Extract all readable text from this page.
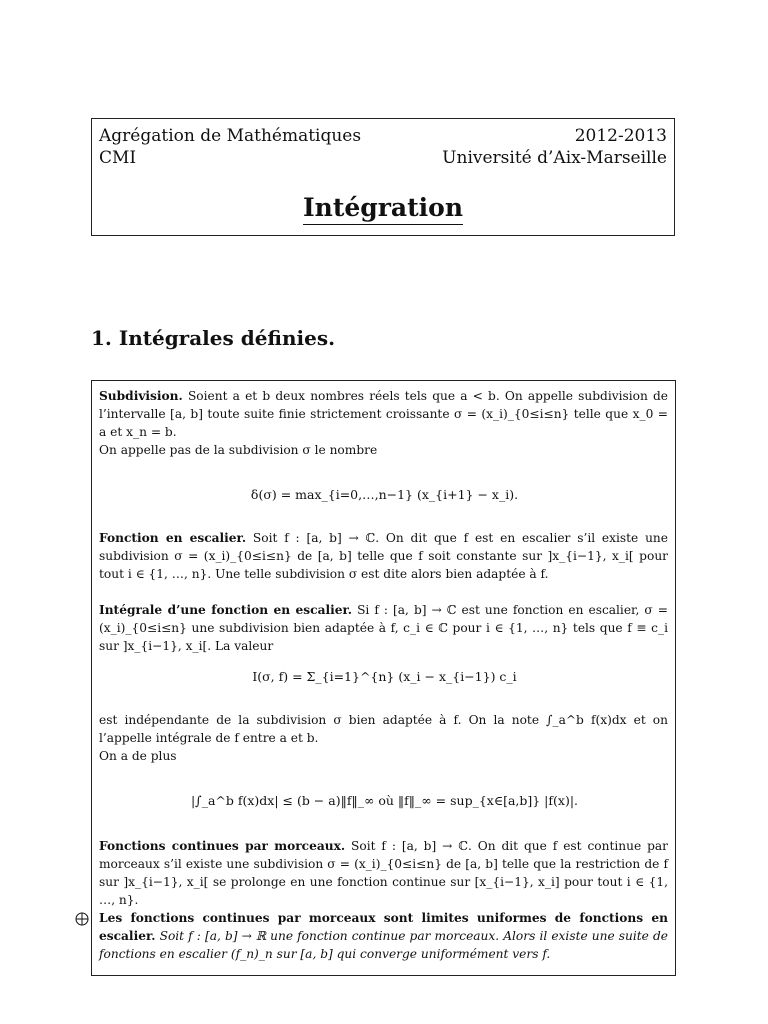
Agrégation de Mathématiques
CMI
2012-2013
Université d’Aix-Marseille
Intégration
1. Intégrales définies.
Subdivision. Soient a et b deux nombres réels tels que a < b. On appelle subdivision de l’intervalle [a, b] toute suite finie strictement croissante σ = (x_i)_{0≤i≤n} telle que x_0 = a et x_n = b.
On appelle pas de la subdivision σ le nombre
δ(σ) = max_{i=0,…,n−1} (x_{i+1} − x_i).
Fonction en escalier. Soit f : [a, b] → ℂ. On dit que f est en escalier s’il existe une subdivision σ = (x_i)_{0≤i≤n} de [a, b] telle que f soit constante sur ]x_{i−1}, x_i[ pour tout i ∈ {1, …, n}. Une telle subdivision σ est dite alors bien adaptée à f.
Intégrale d’une fonction en escalier. Si f : [a, b] → ℂ est une fonction en escalier, σ = (x_i)_{0≤i≤n} une subdivision bien adaptée à f, c_i ∈ ℂ pour i ∈ {1, …, n} tels que f ≡ c_i sur ]x_{i−1}, x_i[. La valeur
I(σ, f) = Σ_{i=1}^{n} (x_i − x_{i−1}) c_i
est indépendante de la subdivision σ bien adaptée à f. On la note ∫_a^b f(x)dx et on l’appelle intégrale de f entre a et b.
On a de plus
|∫_a^b f(x)dx| ≤ (b − a)‖f‖_∞ où ‖f‖_∞ = sup_{x∈[a,b]} |f(x)|.
Fonctions continues par morceaux. Soit f : [a, b] → ℂ. On dit que f est continue par morceaux s’il existe une subdivision σ = (x_i)_{0≤i≤n} de [a, b] telle que la restriction de f sur ]x_{i−1}, x_i[ se prolonge en une fonction continue sur [x_{i−1}, x_i] pour tout i ∈ {1, …, n}.
Les fonctions continues par morceaux sont limites uniformes de fonctions en escalier. Soit f : [a, b] → ℝ une fonction continue par morceaux. Alors il existe une suite de fonctions en escalier (f_n)_n sur [a, b] qui converge uniformément vers f.
